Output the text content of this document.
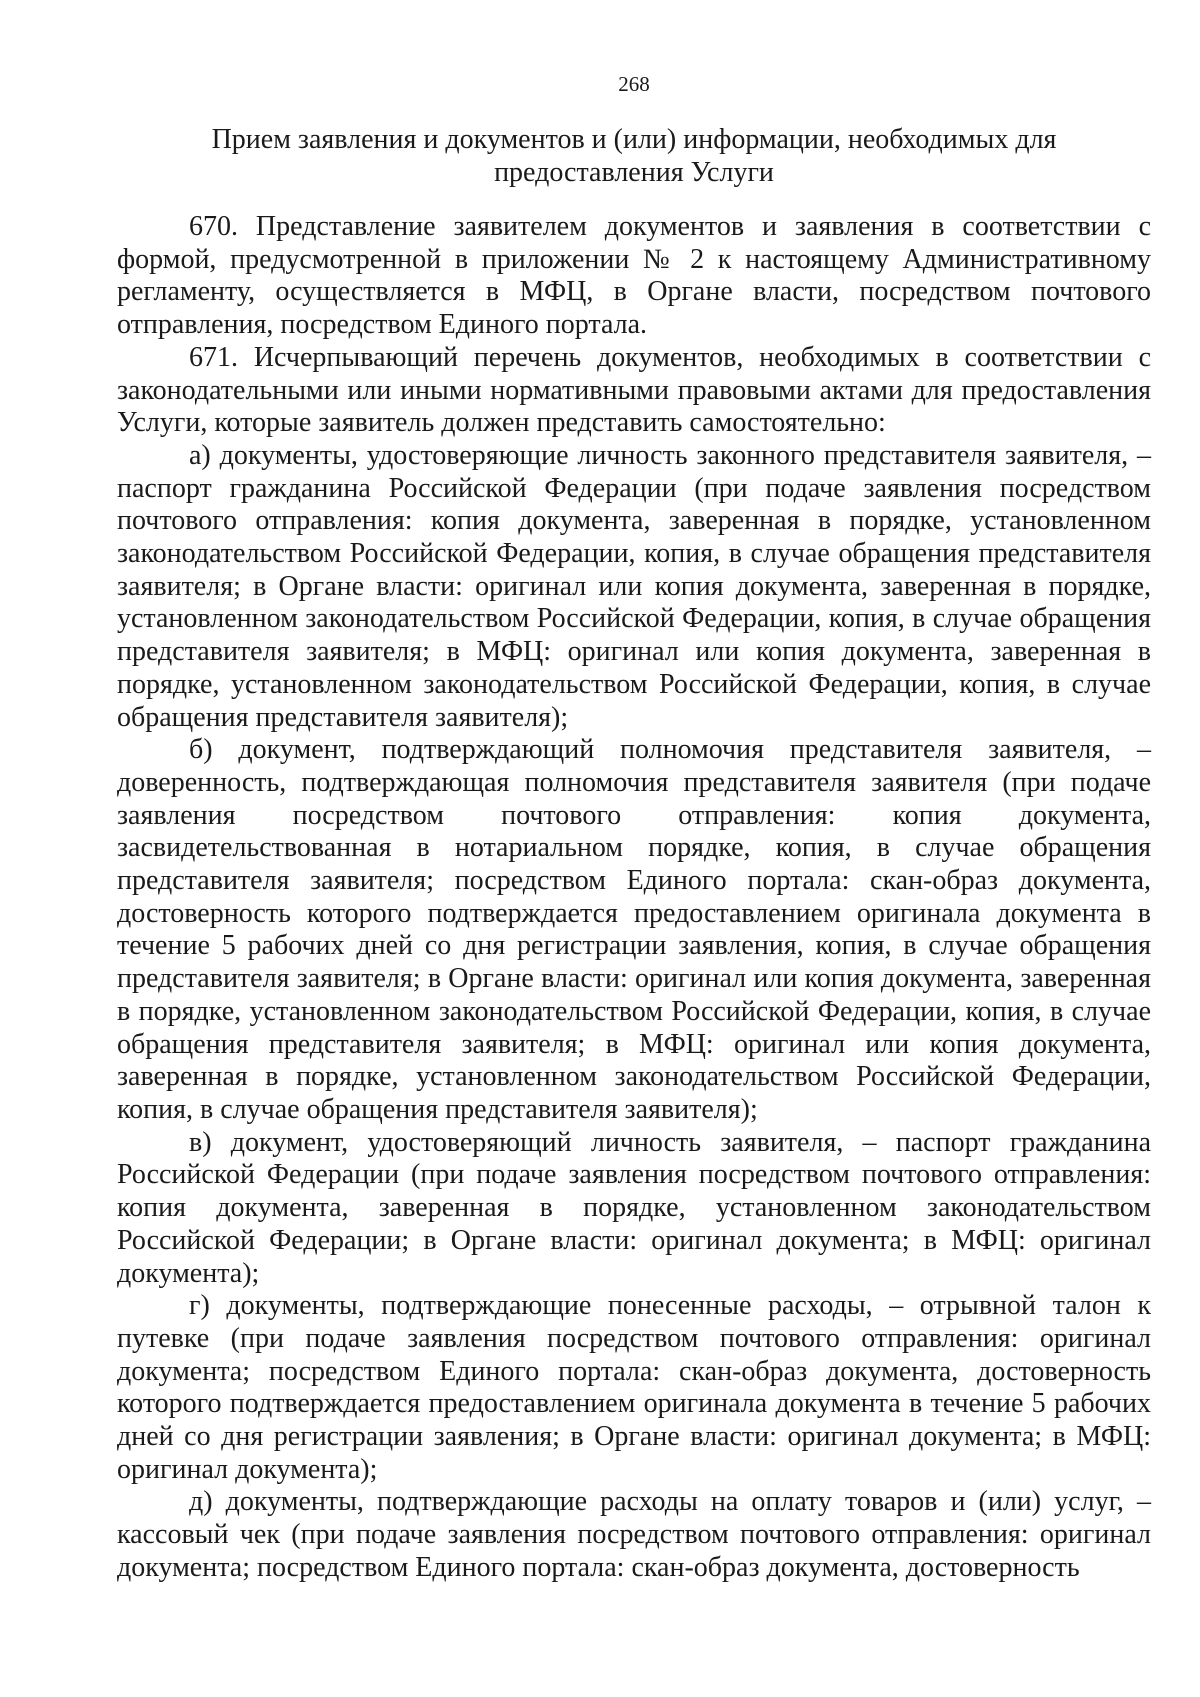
268
Прием заявления и документов и (или) информации, необходимых для
предоставления Услуги

670. Представление заявителем документов и заявления в соответствии с формой, предусмотренной в приложении № 2 к настоящему Административному регламенту, осуществляется в МФЦ, в Органе власти, посредством почтового отправления, посредством Единого портала.

671. Исчерпывающий перечень документов, необходимых в соответствии с законодательными или иными нормативными правовыми актами для предоставления Услуги, которые заявитель должен представить самостоятельно:

а) документы, удостоверяющие личность законного представителя заявителя, – паспорт гражданина Российской Федерации (при подаче заявления посредством почтового отправления: копия документа, заверенная в порядке, установленном законодательством Российской Федерации, копия, в случае обращения представителя заявителя; в Органе власти: оригинал или копия документа, заверенная в порядке, установленном законодательством Российской Федерации, копия, в случае обращения представителя заявителя; в МФЦ: оригинал или копия документа, заверенная в порядке, установленном законодательством Российской Федерации, копия, в случае обращения представителя заявителя);

б) документ, подтверждающий полномочия представителя заявителя, – доверенность, подтверждающая полномочия представителя заявителя (при подаче заявления посредством почтового отправления: копия документа, засвидетельствованная в нотариальном порядке, копия, в случае обращения представителя заявителя; посредством Единого портала: скан-образ документа, достоверность которого подтверждается предоставлением оригинала документа в течение 5 рабочих дней со дня регистрации заявления, копия, в случае обращения представителя заявителя; в Органе власти: оригинал или копия документа, заверенная в порядке, установленном законодательством Российской Федерации, копия, в случае обращения представителя заявителя; в МФЦ: оригинал или копия документа, заверенная в порядке, установленном законодательством Российской Федерации, копия, в случае обращения представителя заявителя);

в) документ, удостоверяющий личность заявителя, – паспорт гражданина Российской Федерации (при подаче заявления посредством почтового отправления: копия документа, заверенная в порядке, установленном законодательством Российской Федерации; в Органе власти: оригинал документа; в МФЦ: оригинал документа);

г) документы, подтверждающие понесенные расходы, – отрывной талон к путевке (при подаче заявления посредством почтового отправления: оригинал документа; посредством Единого портала: скан-образ документа, достоверность которого подтверждается предоставлением оригинала документа в течение 5 рабочих дней со дня регистрации заявления; в Органе власти: оригинал документа; в МФЦ: оригинал документа);

д) документы, подтверждающие расходы на оплату товаров и (или) услуг, – кассовый чек (при подаче заявления посредством почтового отправления: оригинал документа; посредством Единого портала: скан-образ документа, достоверность
